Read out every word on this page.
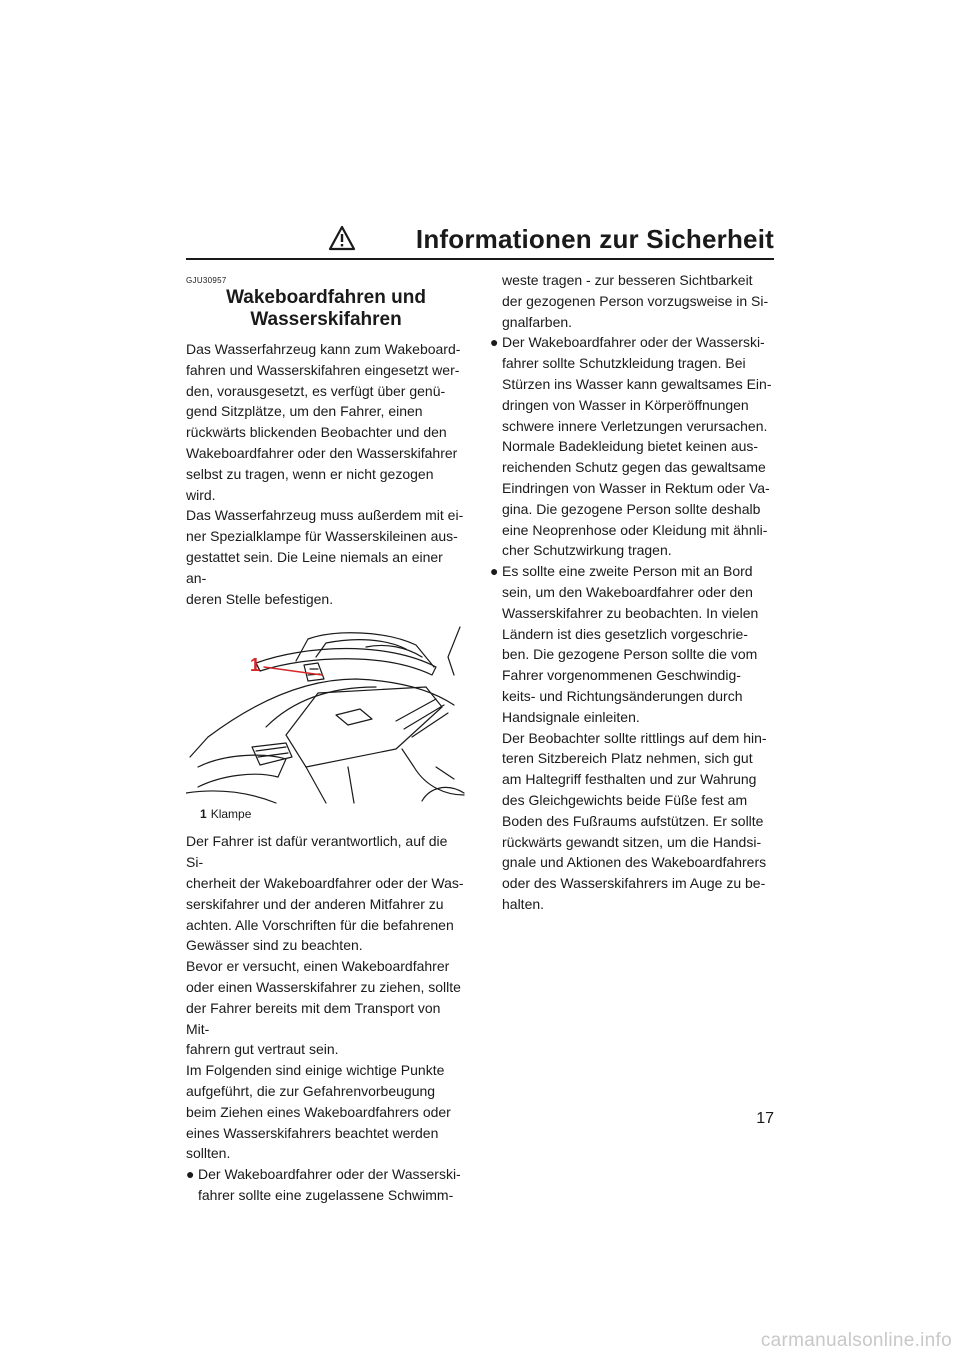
Informationen zur Sicherheit
GJU30957
Wakeboardfahren und
Wasserskifahren

Das Wasserfahrzeug kann zum Wakeboard-
fahren und Wasserskifahren eingesetzt wer-
den, vorausgesetzt, es verfügt über genü-
gend Sitzplätze, um den Fahrer, einen
rückwärts blickenden Beobachter und den
Wakeboardfahrer oder den Wasserskifahrer
selbst zu tragen, wenn er nicht gezogen wird.
Das Wasserfahrzeug muss außerdem mit ei-
ner Spezialklampe für Wasserskileinen aus-
gestattet sein. Die Leine niemals an einer an-
deren Stelle befestigen.

1
1 Klampe

Der Fahrer ist dafür verantwortlich, auf die Si-
cherheit der Wakeboardfahrer oder der Was-
serskifahrer und der anderen Mitfahrer zu
achten. Alle Vorschriften für die befahrenen
Gewässer sind zu beachten.
Bevor er versucht, einen Wakeboardfahrer
oder einen Wasserskifahrer zu ziehen, sollte
der Fahrer bereits mit dem Transport von Mit-
fahrern gut vertraut sein.
Im Folgenden sind einige wichtige Punkte
aufgeführt, die zur Gefahrenvorbeugung
beim Ziehen eines Wakeboardfahrers oder
eines Wasserskifahrers beachtet werden
sollten.

● Der Wakeboardfahrer oder der Wasserski-
fahrer sollte eine zugelassene Schwimm-
weste tragen - zur besseren Sichtbarkeit
der gezogenen Person vorzugsweise in Si-
gnalfarben.
● Der Wakeboardfahrer oder der Wasserski-
fahrer sollte Schutzkleidung tragen. Bei
Stürzen ins Wasser kann gewaltsames Ein-
dringen von Wasser in Körperöffnungen
schwere innere Verletzungen verursachen.
Normale Badekleidung bietet keinen aus-
reichenden Schutz gegen das gewaltsame
Eindringen von Wasser in Rektum oder Va-
gina. Die gezogene Person sollte deshalb
eine Neoprenhose oder Kleidung mit ähnli-
cher Schutzwirkung tragen.
● Es sollte eine zweite Person mit an Bord
sein, um den Wakeboardfahrer oder den
Wasserskifahrer zu beobachten. In vielen
Ländern ist dies gesetzlich vorgeschrie-
ben. Die gezogene Person sollte die vom
Fahrer vorgenommenen Geschwindig-
keits- und Richtungsänderungen durch
Handsignale einleiten.
Der Beobachter sollte rittlings auf dem hin-
teren Sitzbereich Platz nehmen, sich gut
am Haltegriff festhalten und zur Wahrung
des Gleichgewichts beide Füße fest am
Boden des Fußraums aufstützen. Er sollte
rückwärts gewandt sitzen, um die Handsi-
gnale und Aktionen des Wakeboardfahrers
oder des Wasserskifahrers im Auge zu be-
halten.
17
carmanualsonline.info
